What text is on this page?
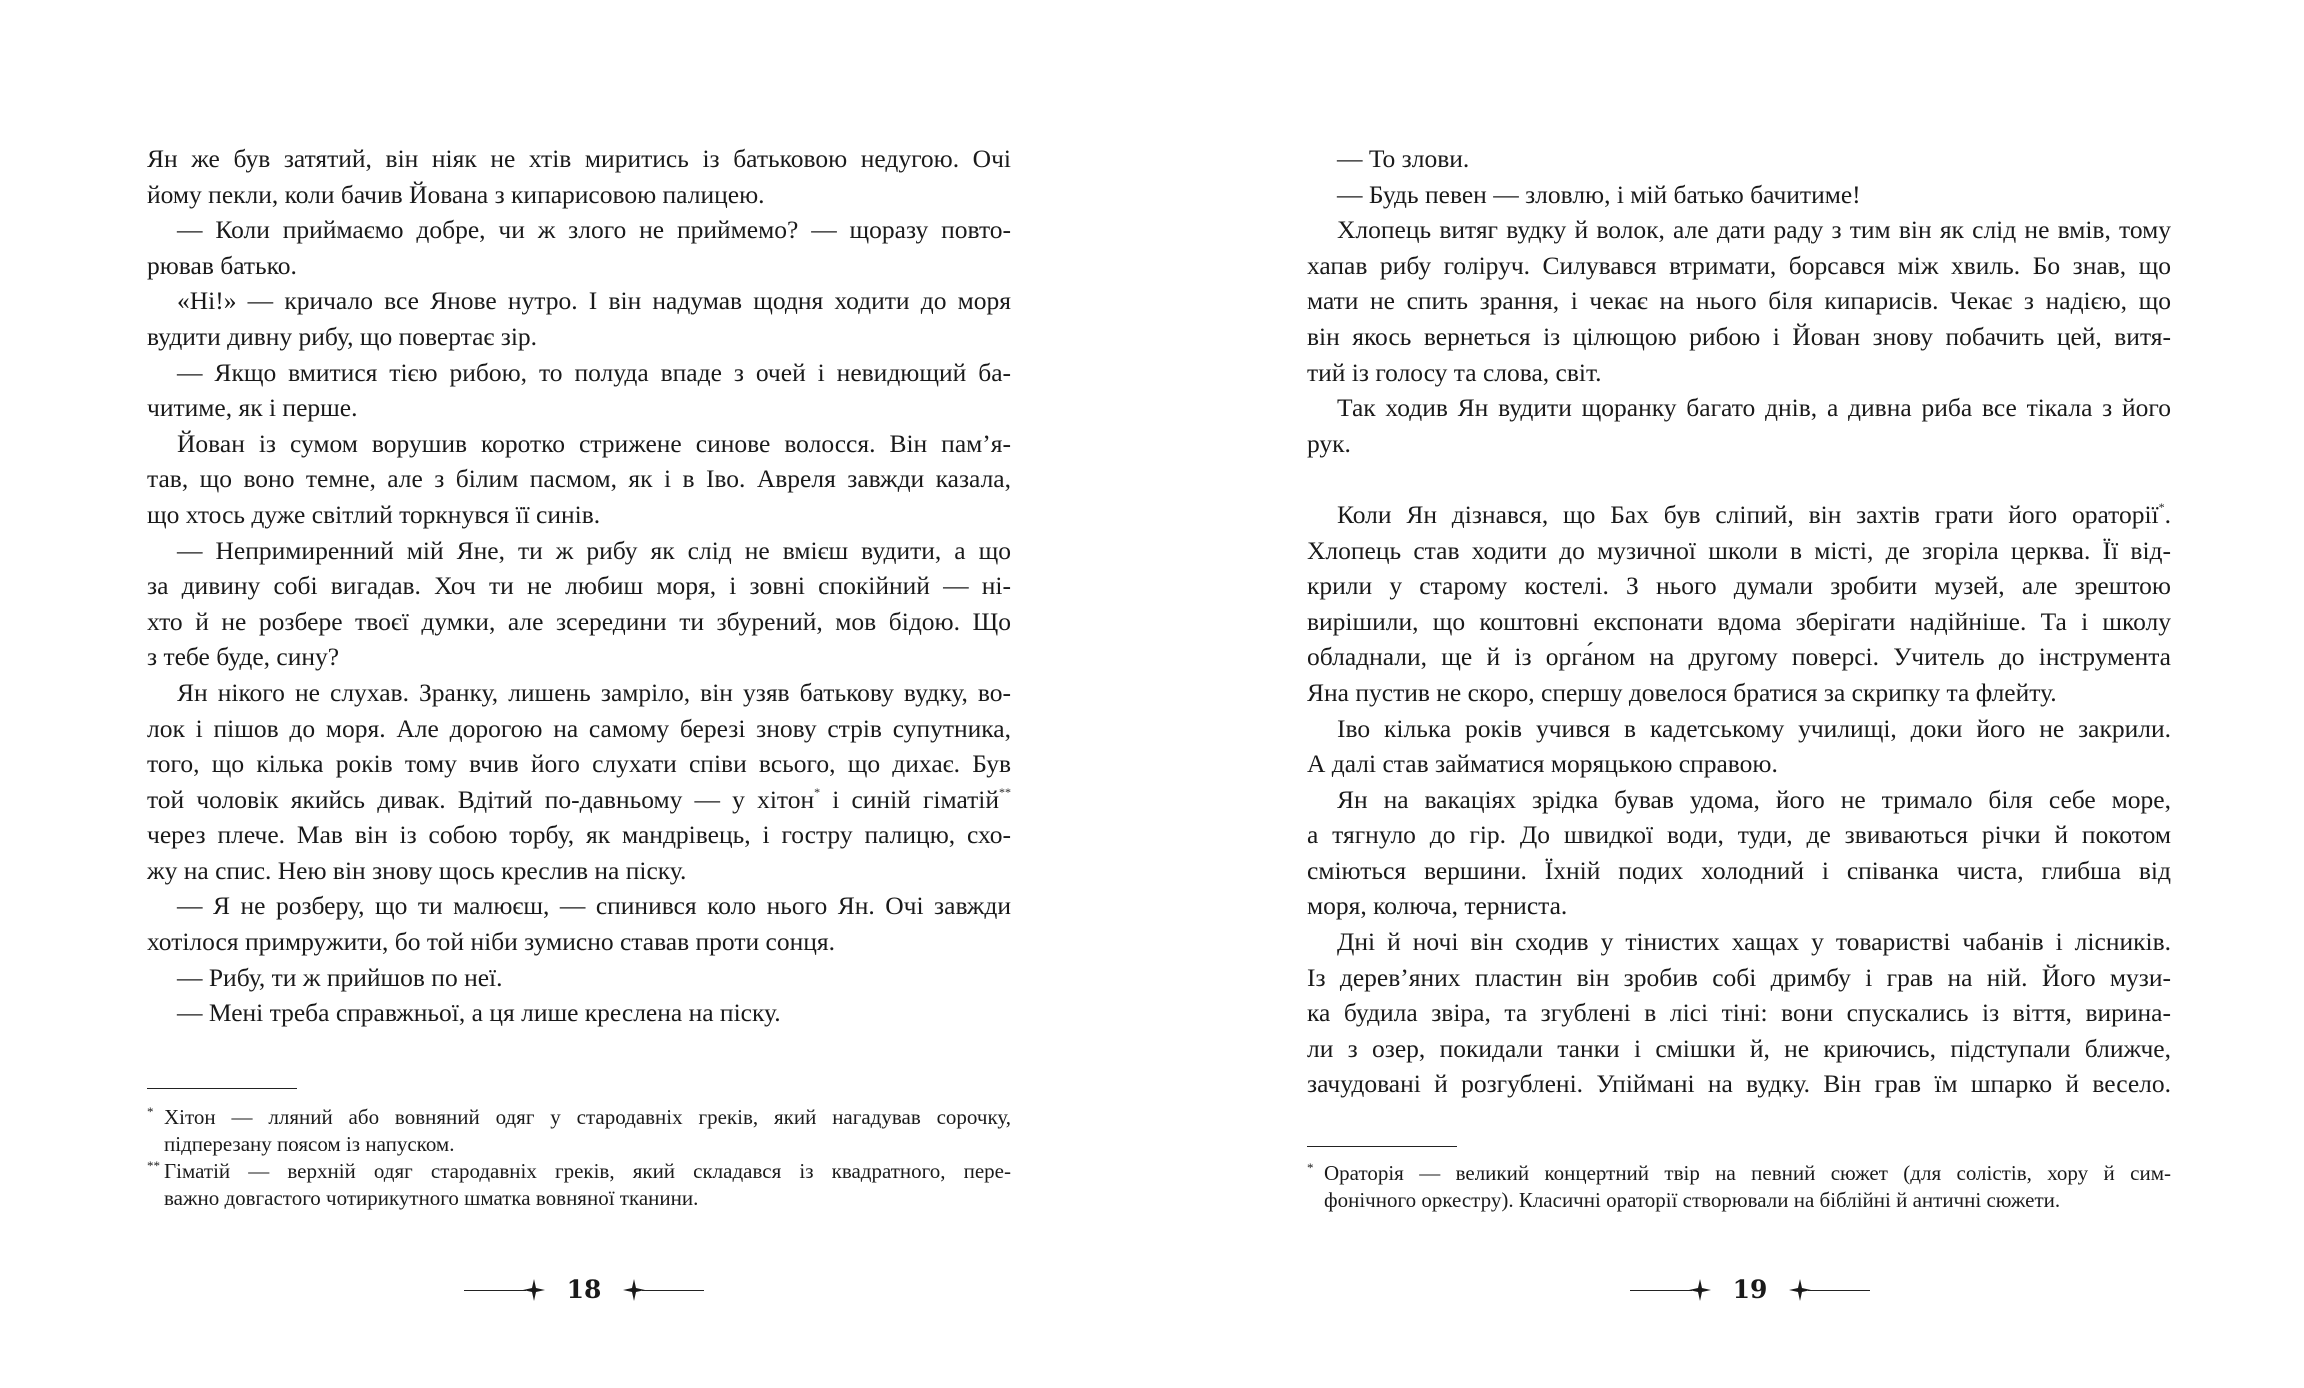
Ян же був затятий, він ніяк не хтів миритись із батьковою недугою. Очі
йому пекли, коли бачив Йована з кипарисовою палицею.
— Коли приймаємо добре, чи ж злого не приймемо? — щоразу повто-
рював батько.
«Ні!» — кричало все Янове нутро. І він надумав щодня ходити до моря
вудити дивну рибу, що повертає зір.
— Якщо вмитися тією рибою, то полуда впаде з очей і невидющий ба-
читиме, як і перше.
Йован із сумом ворушив коротко стрижене синове волосся. Він пам’я-
тав, що воно темне, але з білим пасмом, як і в Іво. Авреля завжди казала,
що хтось дуже світлий торкнувся її синів.
— Непримиренний мій Яне, ти ж рибу як слід не вмієш вудити, а що
за дивину собі вигадав. Хоч ти не любиш моря, і зовні спокійний — ні-
хто й не розбере твоєї думки, але зсередини ти збурений, мов бідою. Що
з тебе буде, сину?
Ян нікого не слухав. Зранку, лишень замріло, він узяв батькову вудку, во-
лок і пішов до моря. Але дорогою на самому березі знову стрів супутника,
того, що кілька років тому вчив його слухати співи всього, що дихає. Був
той чоловік якийсь дивак. Вдітий по-давньому — у хітон* і синій гіматій**
через плече. Мав він із собою торбу, як мандрівець, і гостру палицю, схо-
жу на спис. Нею він знову щось креслив на піску.
— Я не розберу, що ти малюєш, — спинився коло нього Ян. Очі завжди
хотілося примружити, бо той ніби зумисно ставав проти сонця.
— Рибу, ти ж прийшов по неї.
— Мені треба справжньої, а ця лише креслена на піску.
* Хітон — лляний або вовняний одяг у стародавніх греків, який нагадував сорочку,
підперезану поясом із напуском.
** Гіматій — верхній одяг стародавніх греків, який складався із квадратного, пере-
важно довгастого чотирикутного шматка вовняної тканини.
18
— То злови.
— Будь певен — зловлю, і мій батько бачитиме!
Хлопець витяг вудку й волок, але дати раду з тим він як слід не вмів, тому
хапав рибу голіруч. Силувався втримати, борсався між хвиль. Бо знав, що
мати не спить зрання, і чекає на нього біля кипарисів. Чекає з надією, що
він якось вернеться із цілющою рибою і Йован знову побачить цей, витя-
тий із голосу та слова, світ.
Так ходив Ян вудити щоранку багато днів, а дивна риба все тікала з його
рук.
Коли Ян дізнався, що Бах був сліпий, він захтів грати його ораторії*.
Хлопець став ходити до музичної школи в місті, де згоріла церква. Її від-
крили у старому костелі. З нього думали зробити музей, але зрештою
вирішили, що коштовні експонати вдома зберігати надійніше. Та і школу
обладнали, ще й із орга́ном на другому поверсі. Учитель до інструмента
Яна пустив не скоро, спершу довелося братися за скрипку та флейту.
Іво кілька років учився в кадетському училищі, доки його не закрили.
А далі став займатися моряцькою справою.
Ян на вакаціях зрідка бував удома, його не тримало біля себе море,
а тягнуло до гір. До швидкої води, туди, де звиваються річки й покотом
сміються вершини. Їхній подих холодний і співанка чиста, глибша від
моря, колюча, терниста.
Дні й ночі він сходив у тінистих хащах у товаристві чабанів і лісників.
Із дерев’яних пластин він зробив собі дримбу і грав на ній. Його музи-
ка будила звіра, та згублені в лісі тіні: вони спускались із віття, вирина-
ли з озер, покидали танки і смішки й, не криючись, підступали ближче,
зачудовані й розгублені. Упіймані на вудку. Він грав їм шпарко й весело.
* Ораторія — великий концертний твір на певний сюжет (для солістів, хору й сим-
фонічного оркестру). Класичні ораторії створювали на біблійні й античні сюжети.
19
